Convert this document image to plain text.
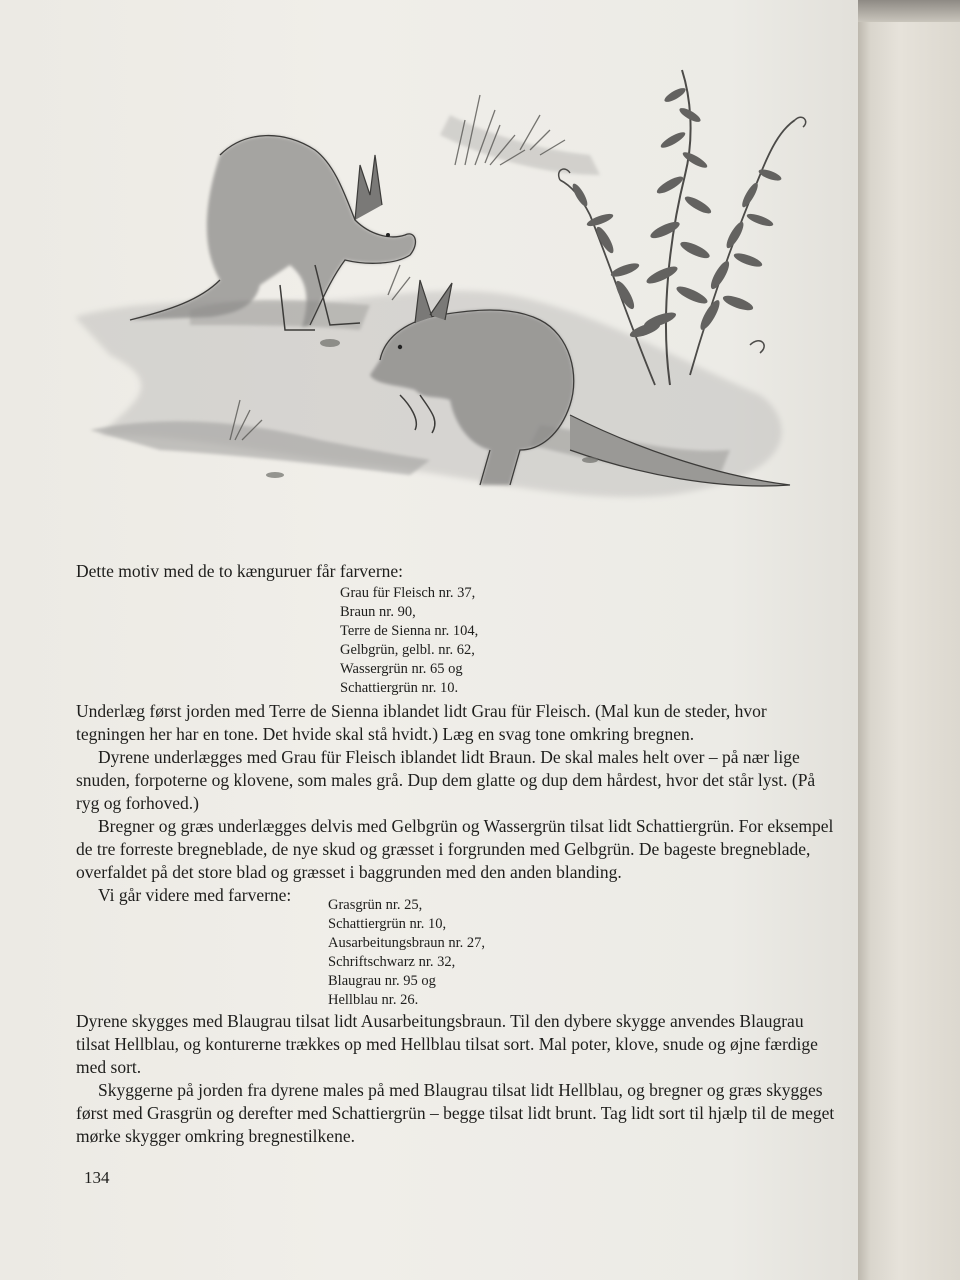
Dette motiv med de to kænguruer får farverne:

Grau für Fleisch nr. 37,
Braun nr. 90,
Terre de Sienna nr. 104,
Gelbgrün, gelbl. nr. 62,
Wassergrün nr. 65 og
Schattiergrün nr. 10.

Underlæg først jorden med Terre de Sienna iblandet lidt Grau für Fleisch. (Mal kun de steder, hvor tegningen her har en tone. Det hvide skal stå hvidt.) Læg en svag tone omkring bregnen.

Dyrene underlægges med Grau für Fleisch iblandet lidt Braun. De skal males helt over – på nær lige snuden, forpoterne og klovene, som males grå. Dup dem glatte og dup dem hårdest, hvor det står lyst. (På ryg og forhoved.)

Bregner og græs underlægges delvis med Gelbgrün og Wassergrün tilsat lidt Schattiergrün. For eksempel de tre forreste bregneblade, de nye skud og græsset i forgrunden med Gelbgrün. De bageste bregneblade, overfaldet på det store blad og græsset i baggrunden med den anden blanding.

Vi går videre med farverne:	Grasgrün nr. 25,
Schattiergrün nr. 10,
Ausarbeitungsbraun nr. 27,
Schriftschwarz nr. 32,
Blaugrau nr. 95 og
Hellblau nr. 26.

Dyrene skygges med Blaugrau tilsat lidt Ausarbeitungsbraun. Til den dybere skygge anvendes Blaugrau tilsat Hellblau, og konturerne trækkes op med Hellblau tilsat sort. Mal poter, klove, snude og øjne færdige med sort.

Skyggerne på jorden fra dyrene males på med Blaugrau tilsat lidt Hellblau, og bregner og græs skygges først med Grasgrün og derefter med Schattiergrün – begge tilsat lidt brunt. Tag lidt sort til hjælp til de meget mørke skygger omkring bregnestilkene.

134
